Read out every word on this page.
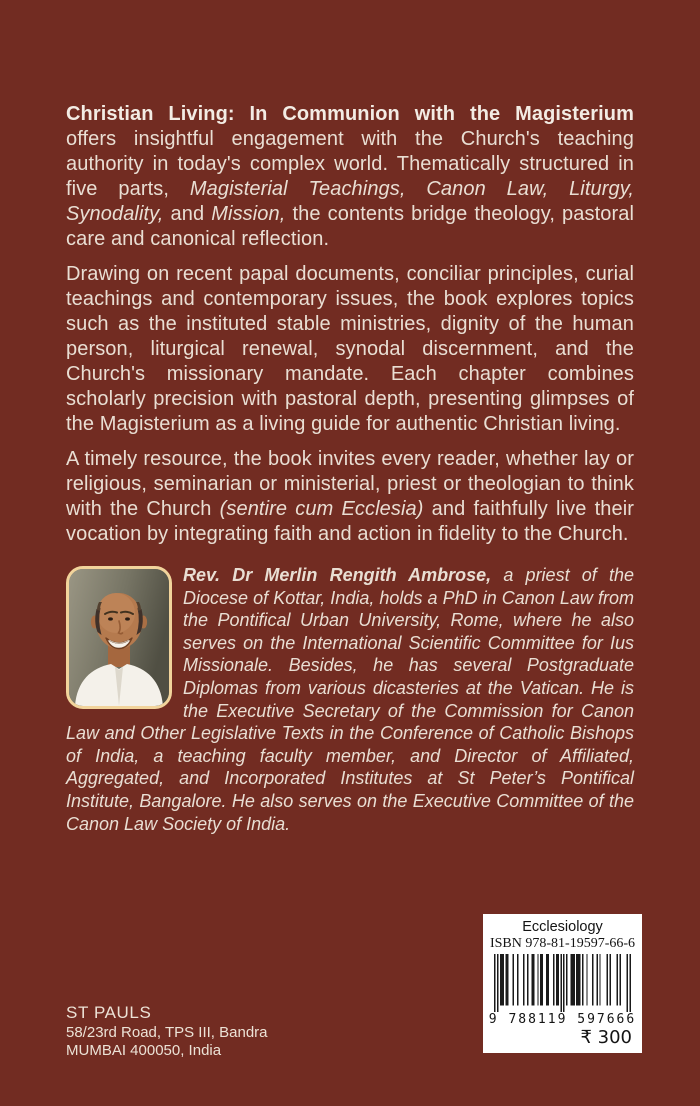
Christian Living: In Communion with the Magisterium offers insightful engagement with the Church's teaching authority in today's complex world. Thematically structured in five parts, Magisterial Teachings, Canon Law, Liturgy, Synodality, and Mission, the contents bridge theology, pastoral care and canonical reflection.

Drawing on recent papal documents, conciliar principles, curial teachings and contemporary issues, the book explores topics such as the instituted stable ministries, dignity of the human person, liturgical renewal, synodal discernment, and the Church's missionary mandate. Each chapter combines scholarly precision with pastoral depth, presenting glimpses of the Magisterium as a living guide for authentic Christian living.

A timely resource, the book invites every reader, whether lay or religious, seminarian or ministerial, priest or theologian to think with the Church (sentire cum Ecclesia) and faithfully live their vocation by integrating faith and action in fidelity to the Church.

Rev. Dr Merlin Rengith Ambrose, a priest of the Diocese of Kottar, India, holds a PhD in Canon Law from the Pontifical Urban University, Rome, where he also serves on the International Scientific Committee for Ius Missionale. Besides, he has several Postgraduate Diplomas from various dicasteries at the Vatican. He is the Executive Secretary of the Commission for Canon Law and Other Legislative Texts in the Conference of Catholic Bishops of India, a teaching faculty member, and Director of Affiliated, Aggregated, and Incorporated Institutes at St Peter’s Pontifical Institute, Bangalore. He also serves on the Executive Committee of the Canon Law Society of India.

ST PAULS
58/23rd Road, TPS III, Bandra
MUMBAI 400050, India
Ecclesiology
ISBN 978-81-19597-66-6
9 788119 597666
₹ 300
